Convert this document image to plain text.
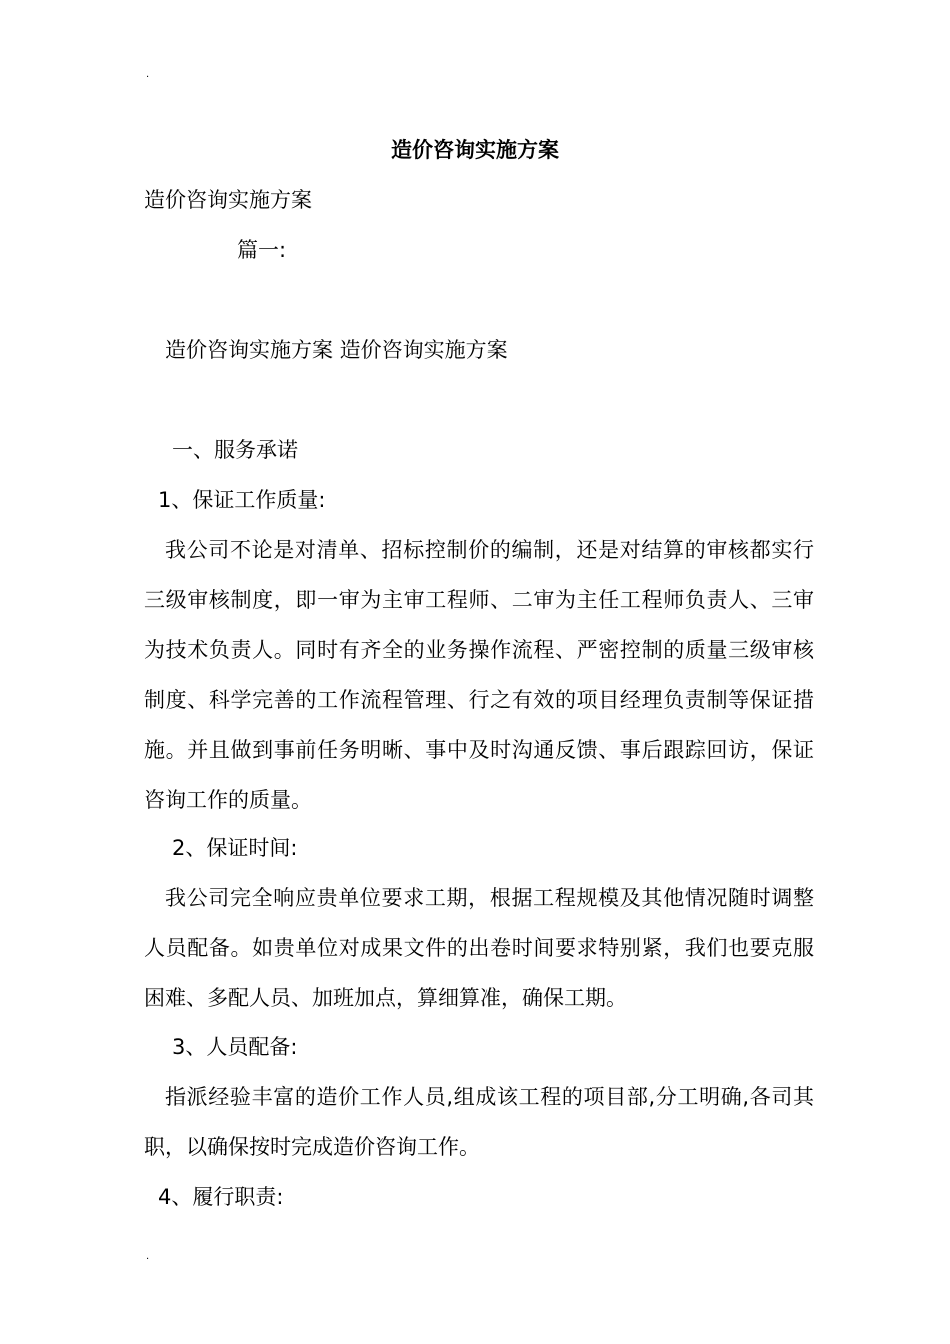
.
造价咨询实施方案
造价咨询实施方案
篇一:
造价咨询实施方案 造价咨询实施方案
一、服务承诺
1、保证工作质量:

我公司不论是对清单、招标控制价的编制，还是对结算的审核都实行三级审核制度，即一审为主审工程师、二审为主任工程师负责人、三审为技术负责人。同时有齐全的业务操作流程、严密控制的质量三级审核制度、科学完善的工作流程管理、行之有效的项目经理负责制等保证措施。并且做到事前任务明晰、事中及时沟通反馈、事后跟踪回访，保证咨询工作的质量。

2、保证时间:

我公司完全响应贵单位要求工期，根据工程规模及其他情况随时调整人员配备。如贵单位对成果文件的出卷时间要求特别紧，我们也要克服困难、多配人员、加班加点，算细算准，确保工期。

3、人员配备:

指派经验丰富的造价工作人员,组成该工程的项目部,分工明确,各司其职，以确保按时完成造价咨询工作。

4、履行职责:
.
